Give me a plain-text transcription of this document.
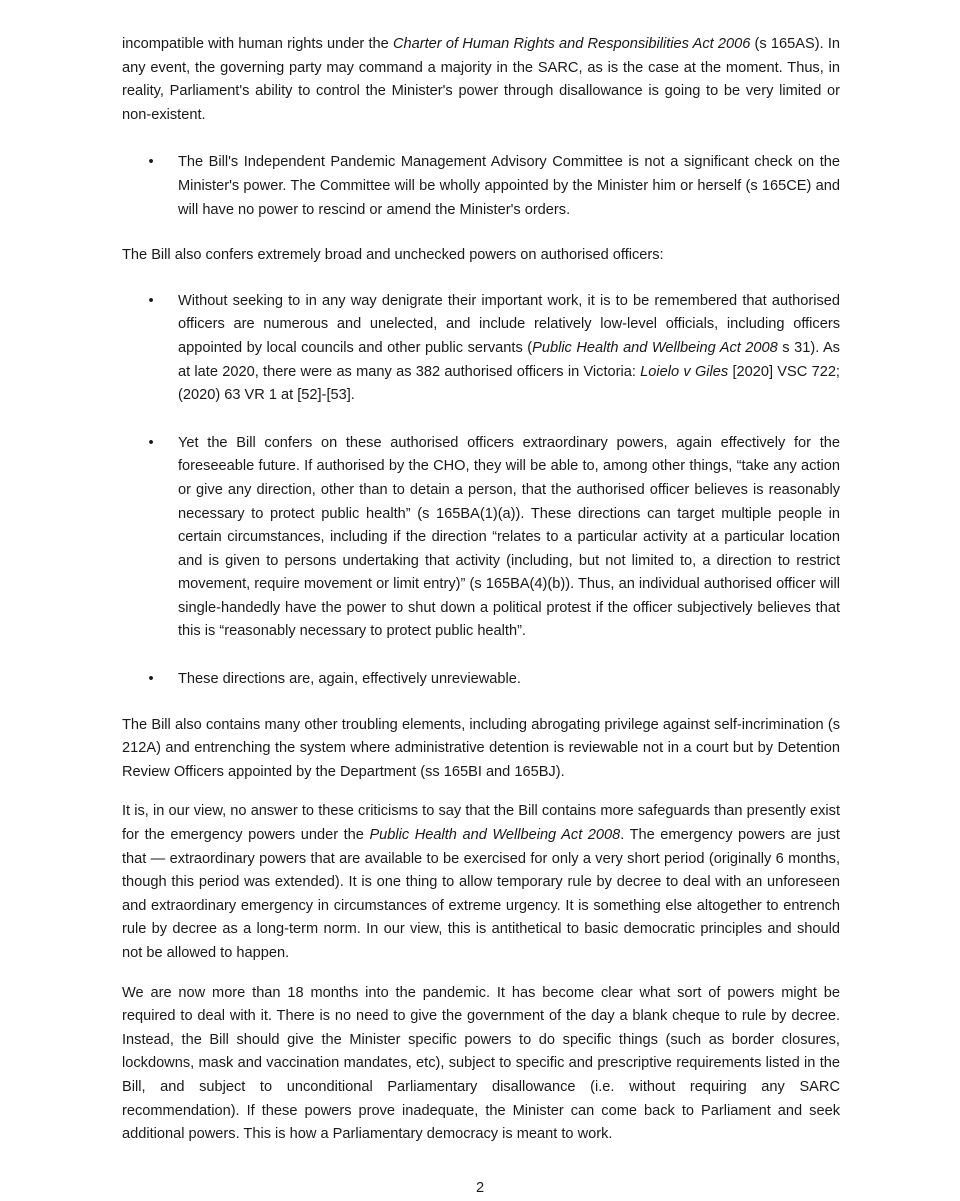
incompatible with human rights under the Charter of Human Rights and Responsibilities Act 2006 (s 165AS). In any event, the governing party may command a majority in the SARC, as is the case at the moment. Thus, in reality, Parliament's ability to control the Minister's power through disallowance is going to be very limited or non-existent.

• The Bill's Independent Pandemic Management Advisory Committee is not a significant check on the Minister's power. The Committee will be wholly appointed by the Minister him or herself (s 165CE) and will have no power to rescind or amend the Minister's orders.

The Bill also confers extremely broad and unchecked powers on authorised officers:

• Without seeking to in any way denigrate their important work, it is to be remembered that authorised officers are numerous and unelected, and include relatively low-level officials, including officers appointed by local councils and other public servants (Public Health and Wellbeing Act 2008 s 31). As at late 2020, there were as many as 382 authorised officers in Victoria: Loielo v Giles [2020] VSC 722; (2020) 63 VR 1 at [52]-[53].

• Yet the Bill confers on these authorised officers extraordinary powers, again effectively for the foreseeable future. If authorised by the CHO, they will be able to, among other things, “take any action or give any direction, other than to detain a person, that the authorised officer believes is reasonably necessary to protect public health” (s 165BA(1)(a)). These directions can target multiple people in certain circumstances, including if the direction “relates to a particular activity at a particular location and is given to persons undertaking that activity (including, but not limited to, a direction to restrict movement, require movement or limit entry)” (s 165BA(4)(b)). Thus, an individual authorised officer will single-handedly have the power to shut down a political protest if the officer subjectively believes that this is “reasonably necessary to protect public health”.

• These directions are, again, effectively unreviewable.

The Bill also contains many other troubling elements, including abrogating privilege against self-incrimination (s 212A) and entrenching the system where administrative detention is reviewable not in a court but by Detention Review Officers appointed by the Department (ss 165BI and 165BJ).

It is, in our view, no answer to these criticisms to say that the Bill contains more safeguards than presently exist for the emergency powers under the Public Health and Wellbeing Act 2008. The emergency powers are just that — extraordinary powers that are available to be exercised for only a very short period (originally 6 months, though this period was extended). It is one thing to allow temporary rule by decree to deal with an unforeseen and extraordinary emergency in circumstances of extreme urgency. It is something else altogether to entrench rule by decree as a long-term norm. In our view, this is antithetical to basic democratic principles and should not be allowed to happen.

We are now more than 18 months into the pandemic. It has become clear what sort of powers might be required to deal with it. There is no need to give the government of the day a blank cheque to rule by decree. Instead, the Bill should give the Minister specific powers to do specific things (such as border closures, lockdowns, mask and vaccination mandates, etc), subject to specific and prescriptive requirements listed in the Bill, and subject to unconditional Parliamentary disallowance (i.e. without requiring any SARC recommendation). If these powers prove inadequate, the Minister can come back to Parliament and seek additional powers. This is how a Parliamentary democracy is meant to work.

2
